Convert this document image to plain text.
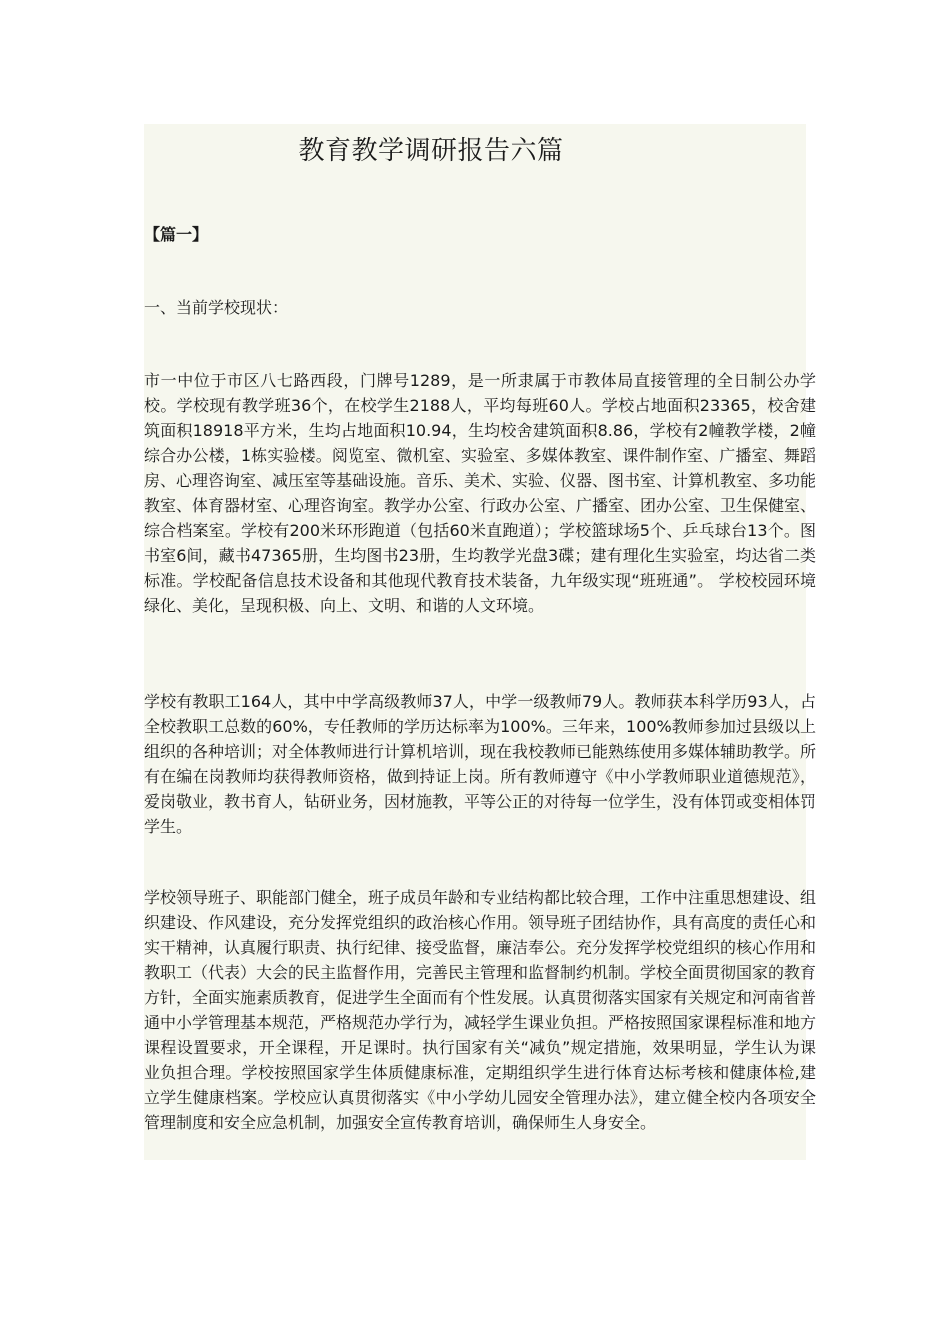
教育教学调研报告六篇

【篇一】

一、当前学校现状：

市一中位于市区八七路西段，门牌号1289，是一所隶属于市教体局直接管理的全日制公办学校。学校现有教学班36个，在校学生2188人，平均每班60人。学校占地面积23365，校舍建筑面积18918平方米，生均占地面积10.94，生均校舍建筑面积8.86，学校有2幢教学楼，2幢综合办公楼，1栋实验楼。阅览室、微机室、实验室、多媒体教室、课件制作室、广播室、舞蹈房、心理咨询室、减压室等基础设施。音乐、美术、实验、仪器、图书室、计算机教室、多功能教室、体育器材室、心理咨询室。教学办公室、行政办公室、广播室、团办公室、卫生保健室、综合档案室。学校有200米环形跑道（包括60米直跑道）；学校篮球场5个、乒乓球台13个。图书室6间，藏书47365册，生均图书23册，生均教学光盘3碟；建有理化生实验室，均达省二类标准。学校配备信息技术设备和其他现代教育技术装备，九年级实现“班班通”。 学校校园环境绿化、美化，呈现积极、向上、文明、和谐的人文环境。

学校有教职工164人，其中中学高级教师37人，中学一级教师79人。教师获本科学历93人，占全校教职工总数的60%，专任教师的学历达标率为100%。三年来，100%教师参加过县级以上组织的各种培训；对全体教师进行计算机培训，现在我校教师已能熟练使用多媒体辅助教学。所有在编在岗教师均获得教师资格，做到持证上岗。所有教师遵守《中小学教师职业道德规范》，爱岗敬业，教书育人，钻研业务，因材施教，平等公正的对待每一位学生，没有体罚或变相体罚学生。

学校领导班子、职能部门健全，班子成员年龄和专业结构都比较合理，工作中注重思想建设、组织建设、作风建设，充分发挥党组织的政治核心作用。领导班子团结协作，具有高度的责任心和实干精神，认真履行职责、执行纪律、接受监督，廉洁奉公。充分发挥学校党组织的核心作用和教职工（代表）大会的民主监督作用，完善民主管理和监督制约机制。学校全面贯彻国家的教育方针，全面实施素质教育，促进学生全面而有个性发展。认真贯彻落实国家有关规定和河南省普通中小学管理基本规范，严格规范办学行为，减轻学生课业负担。严格按照国家课程标准和地方课程设置要求，开全课程，开足课时。执行国家有关“减负”规定措施，效果明显，学生认为课业负担合理。学校按照国家学生体质健康标准，定期组织学生进行体育达标考核和健康体检,建立学生健康档案。学校应认真贯彻落实《中小学幼儿园安全管理办法》，建立健全校内各项安全管理制度和安全应急机制，加强安全宣传教育培训，确保师生人身安全。
